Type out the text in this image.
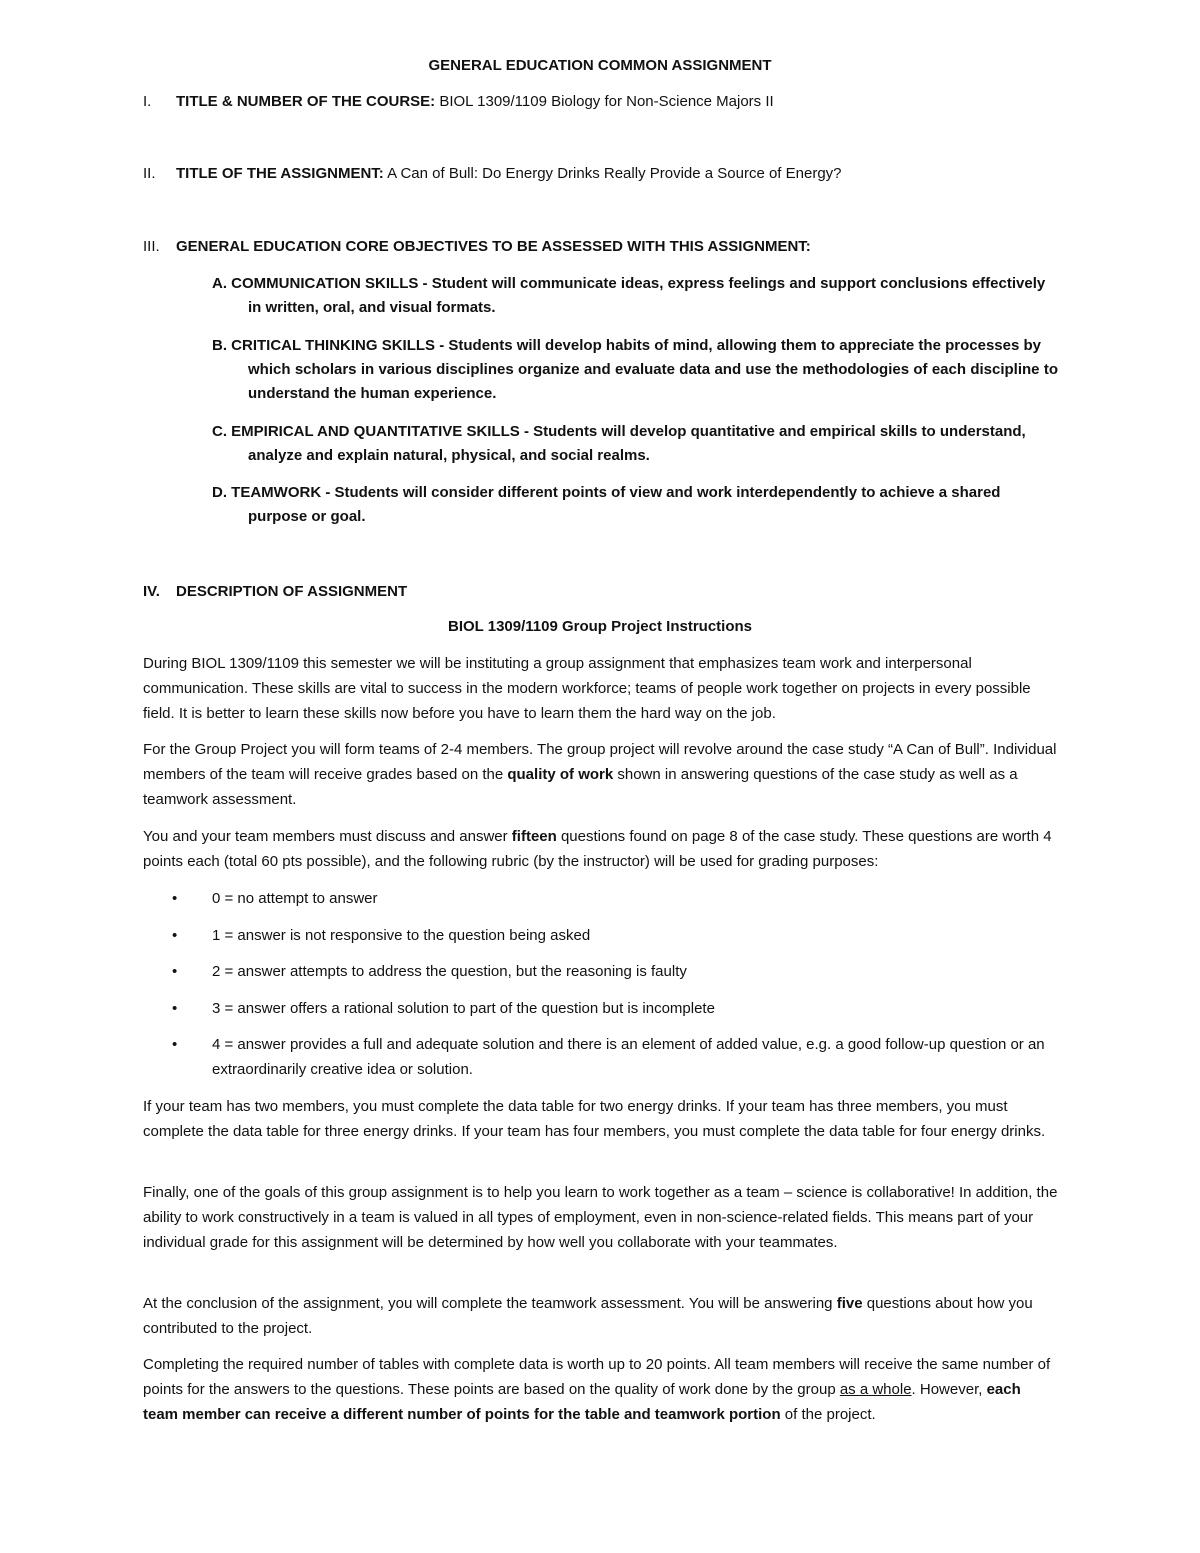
GENERAL EDUCATION COMMON ASSIGNMENT
I. TITLE & NUMBER OF THE COURSE: BIOL 1309/1109 Biology for Non-Science Majors II
II. TITLE OF THE ASSIGNMENT: A Can of Bull: Do Energy Drinks Really Provide a Source of Energy?
III. GENERAL EDUCATION CORE OBJECTIVES TO BE ASSESSED WITH THIS ASSIGNMENT:
A. COMMUNICATION SKILLS - Student will communicate ideas, express feelings and support conclusions effectively
in written, oral, and visual formats.
B. CRITICAL THINKING SKILLS - Students will develop habits of mind, allowing them to appreciate the processes by
which scholars in various disciplines organize and evaluate data and use the methodologies of each discipline to understand the human experience.
C. EMPIRICAL AND QUANTITATIVE SKILLS - Students will develop quantitative and empirical skills to understand,
analyze and explain natural, physical, and social realms.
D. TEAMWORK - Students will consider different points of view and work interdependently to achieve a shared
purpose or goal.
IV. DESCRIPTION OF ASSIGNMENT
BIOL 1309/1109 Group Project Instructions
During BIOL 1309/1109 this semester we will be instituting a group assignment that emphasizes team work and interpersonal communication. These skills are vital to success in the modern workforce; teams of people work together on projects in every possible field. It is better to learn these skills now before you have to learn them the hard way on the job.
For the Group Project you will form teams of 2-4 members. The group project will revolve around the case study “A Can of Bull”. Individual members of the team will receive grades based on the quality of work shown in answering questions of the case study as well as a teamwork assessment.
You and your team members must discuss and answer fifteen questions found on page 8 of the case study. These questions are worth 4 points each (total 60 pts possible), and the following rubric (by the instructor) will be used for grading purposes:
• 0 = no attempt to answer
• 1 = answer is not responsive to the question being asked
• 2 = answer attempts to address the question, but the reasoning is faulty
• 3 = answer offers a rational solution to part of the question but is incomplete
• 4 = answer provides a full and adequate solution and there is an element of added value, e.g. a good follow-up question or an extraordinarily creative idea or solution.
If your team has two members, you must complete the data table for two energy drinks. If your team has three members, you must complete the data table for three energy drinks. If your team has four members, you must complete the data table for four energy drinks.
Finally, one of the goals of this group assignment is to help you learn to work together as a team – science is collaborative! In addition, the ability to work constructively in a team is valued in all types of employment, even in non-science-related fields. This means part of your individual grade for this assignment will be determined by how well you collaborate with your teammates.
At the conclusion of the assignment, you will complete the teamwork assessment. You will be answering five questions about how you contributed to the project.
Completing the required number of tables with complete data is worth up to 20 points. All team members will receive the same number of points for the answers to the questions. These points are based on the quality of work done by the group as a whole. However, each team member can receive a different number of points for the table and teamwork portion of the project.
